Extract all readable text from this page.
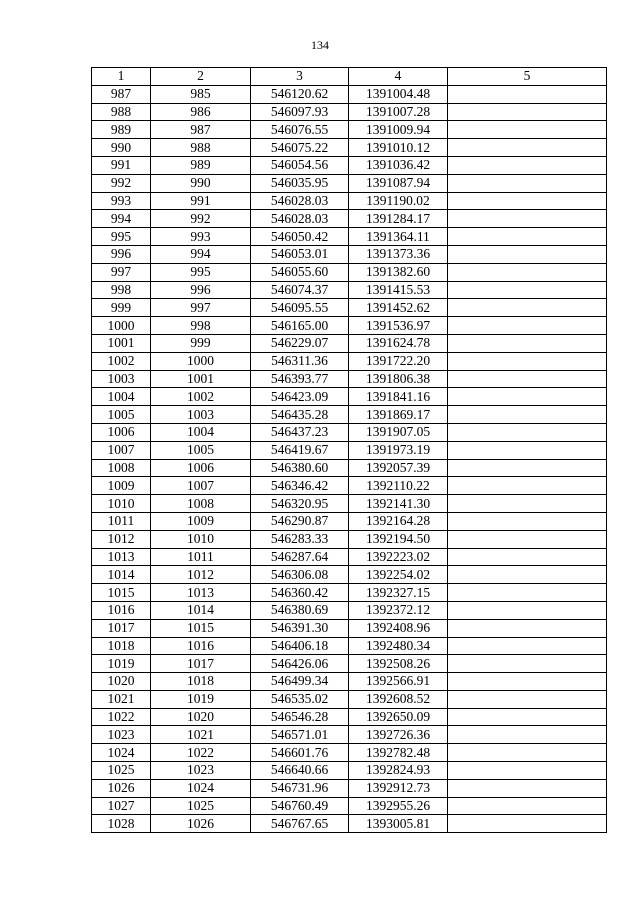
134
1	2	3	4	5
987	985	546120.62	1391004.48	
988	986	546097.93	1391007.28	
989	987	546076.55	1391009.94	
990	988	546075.22	1391010.12	
991	989	546054.56	1391036.42	
992	990	546035.95	1391087.94	
993	991	546028.03	1391190.02	
994	992	546028.03	1391284.17	
995	993	546050.42	1391364.11	
996	994	546053.01	1391373.36	
997	995	546055.60	1391382.60	
998	996	546074.37	1391415.53	
999	997	546095.55	1391452.62	
1000	998	546165.00	1391536.97	
1001	999	546229.07	1391624.78	
1002	1000	546311.36	1391722.20	
1003	1001	546393.77	1391806.38	
1004	1002	546423.09	1391841.16	
1005	1003	546435.28	1391869.17	
1006	1004	546437.23	1391907.05	
1007	1005	546419.67	1391973.19	
1008	1006	546380.60	1392057.39	
1009	1007	546346.42	1392110.22	
1010	1008	546320.95	1392141.30	
1011	1009	546290.87	1392164.28	
1012	1010	546283.33	1392194.50	
1013	1011	546287.64	1392223.02	
1014	1012	546306.08	1392254.02	
1015	1013	546360.42	1392327.15	
1016	1014	546380.69	1392372.12	
1017	1015	546391.30	1392408.96	
1018	1016	546406.18	1392480.34	
1019	1017	546426.06	1392508.26	
1020	1018	546499.34	1392566.91	
1021	1019	546535.02	1392608.52	
1022	1020	546546.28	1392650.09	
1023	1021	546571.01	1392726.36	
1024	1022	546601.76	1392782.48	
1025	1023	546640.66	1392824.93	
1026	1024	546731.96	1392912.73	
1027	1025	546760.49	1392955.26	
1028	1026	546767.65	1393005.81	
